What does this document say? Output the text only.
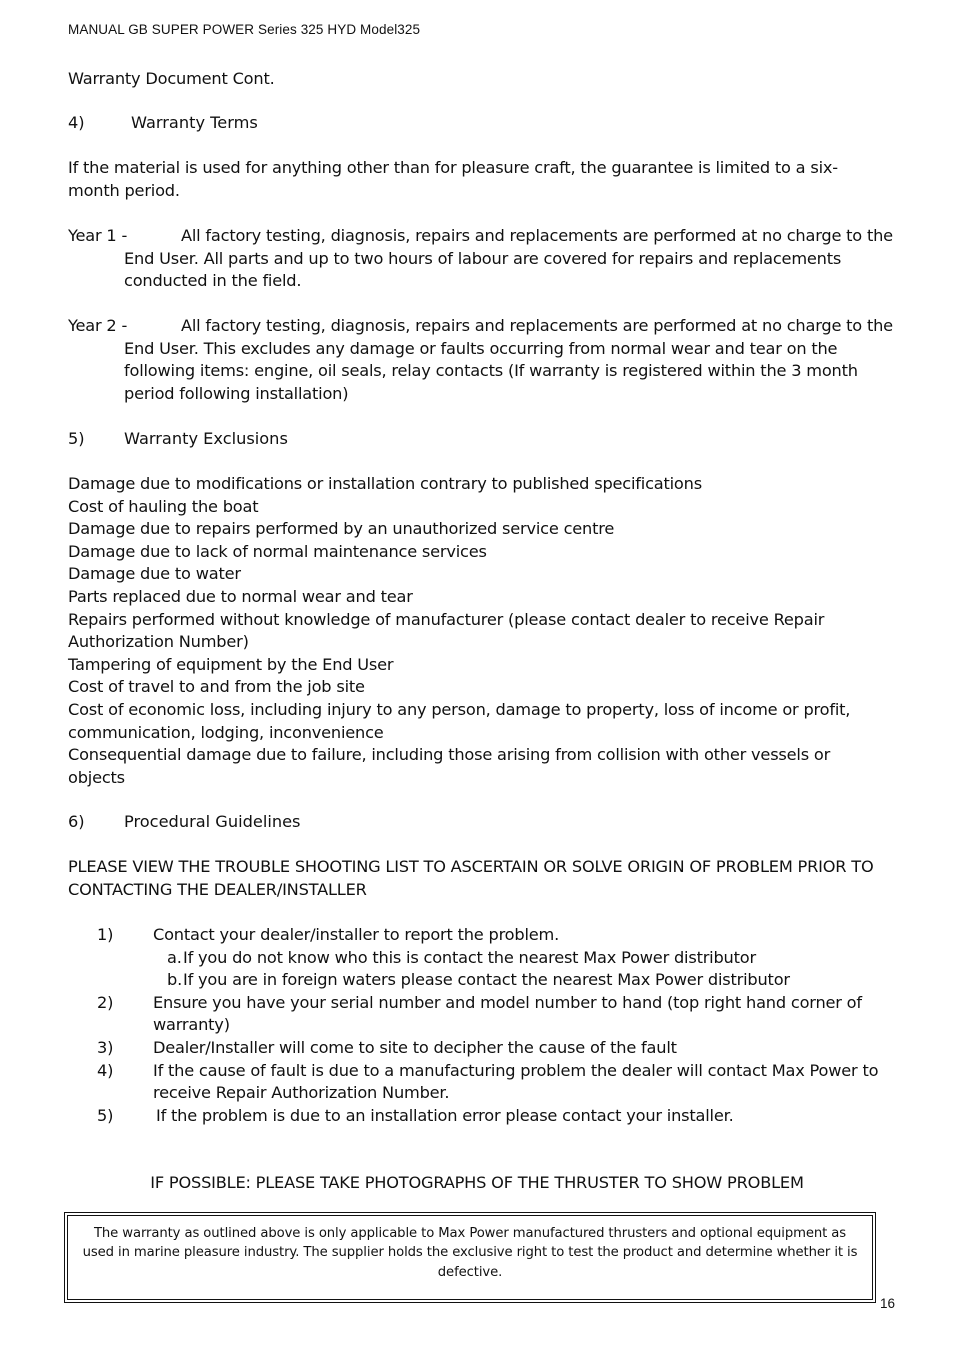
MANUAL GB SUPER POWER Series 325 HYD Model325
Warranty Document Cont.
4)	Warranty Terms
If the material is used for anything other than for pleasure craft, the guarantee is limited to a six-month period.
Year 1 -	All factory testing, diagnosis, repairs and replacements are performed at no charge to the End User. All parts and up to two hours of labour are covered for repairs and replacements conducted in the field.
Year 2 -	All factory testing, diagnosis, repairs and replacements are performed at no charge to the End User. This excludes any damage or faults occurring from normal wear and tear on the following items: engine, oil seals, relay contacts (If warranty is registered within the 3 month period following installation)
5) Warranty Exclusions
Damage due to modifications or installation contrary to published specifications
Cost of hauling the boat
Damage due to repairs performed by an unauthorized service centre
Damage due to lack of normal maintenance services
Damage due to water
Parts replaced due to normal wear and tear
Repairs performed without knowledge of manufacturer (please contact dealer to receive Repair Authorization Number)
Tampering of equipment by the End User
Cost of travel to and from the job site
Cost of economic loss, including injury to any person, damage to property, loss of income or profit, communication, lodging, inconvenience
Consequential damage due to failure, including those arising from collision with other vessels or objects
6) Procedural Guidelines
PLEASE VIEW THE TROUBLE SHOOTING LIST TO ASCERTAIN OR SOLVE ORIGIN OF PROBLEM PRIOR TO CONTACTING THE DEALER/INSTALLER
1) Contact your dealer/installer to report the problem.
a. If you do not know who this is contact the nearest Max Power distributor
b. If you are in foreign waters please contact the nearest Max Power distributor
2) Ensure you have your serial number and model number to hand (top right hand corner of warranty)
3) Dealer/Installer will come to site to decipher the cause of the fault
4) If the cause of fault is due to a manufacturing problem the dealer will contact Max Power to receive Repair Authorization Number.
5)	If the problem is due to an installation error please contact your installer.
IF POSSIBLE: PLEASE TAKE PHOTOGRAPHS OF THE THRUSTER TO SHOW PROBLEM
The warranty as outlined above is only applicable to Max Power manufactured thrusters and optional equipment as used in marine pleasure industry. The supplier holds the exclusive right to test the product and determine whether it is defective.
16
